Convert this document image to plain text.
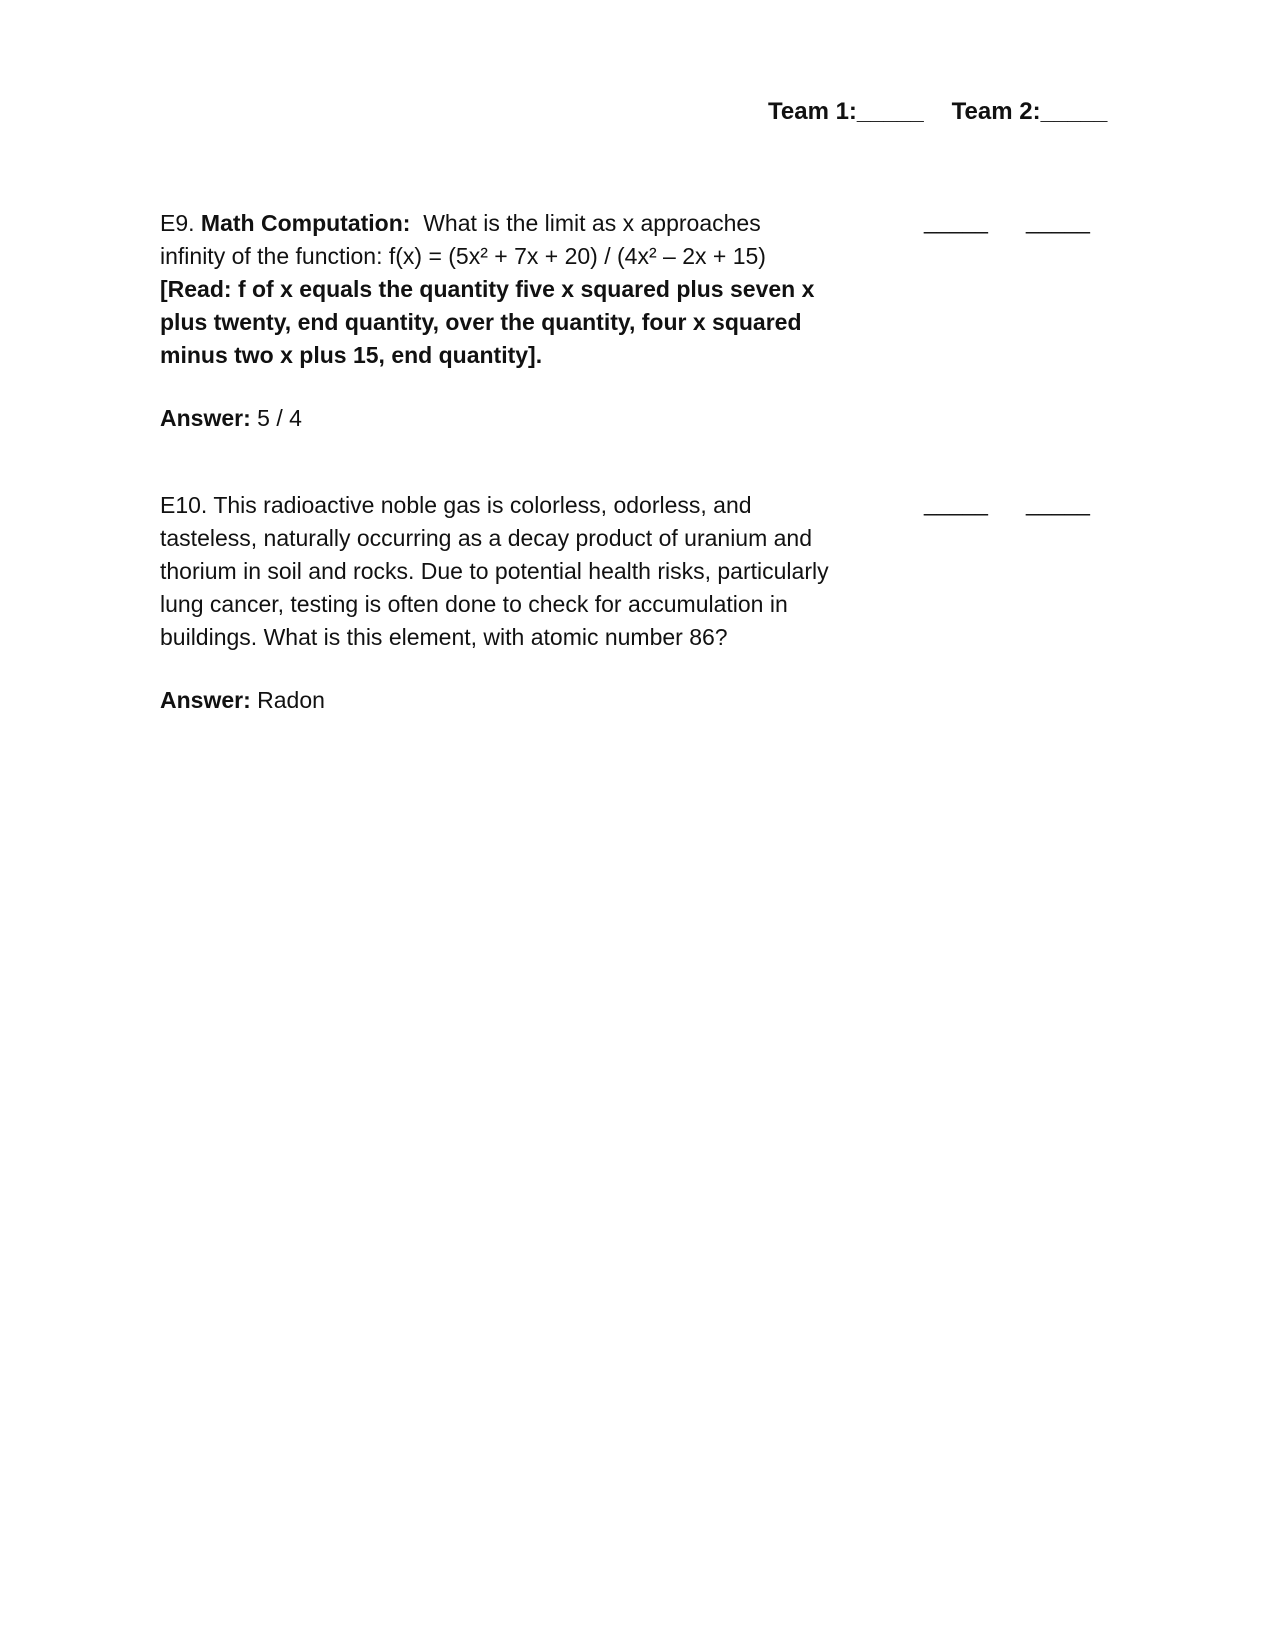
Team 1:_____ Team 2:_____
E9. Math Computation: What is the limit as x approaches infinity of the function: f(x) = (5x² + 7x + 20) / (4x² – 2x + 15)
[Read: f of x equals the quantity five x squared plus seven x plus twenty, end quantity, over the quantity, four x squared minus two x plus 15, end quantity].
Answer: 5 / 4
_____ _____
E10. This radioactive noble gas is colorless, odorless, and tasteless, naturally occurring as a decay product of uranium and thorium in soil and rocks. Due to potential health risks, particularly lung cancer, testing is often done to check for accumulation in buildings. What is this element, with atomic number 86?
Answer: Radon
_____ _____
